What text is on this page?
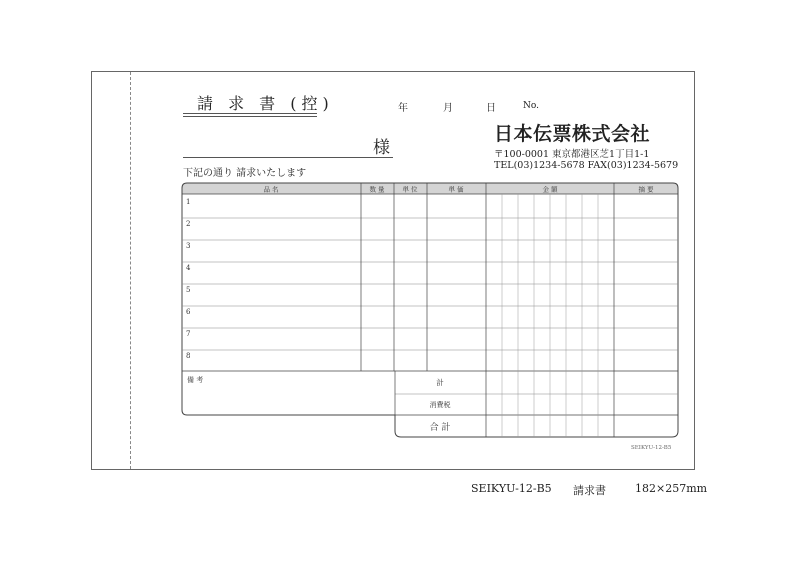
請 求 書 (控)	年	月	日	No.
様
下記の通り 請求いたします
日本伝票株式会社
〒100-0001 東京都港区芝1丁目1-1
TEL(03)1234-5678 FAX(03)1234-5679
品 名	数 量	単 位	単 価	金 額	摘 要
1
2
3
4
5
6
7
8
備 考	計
消費税
合 計
SEIKYU-12-B5
SEIKYU-12-B5 請求書	182×257mm
